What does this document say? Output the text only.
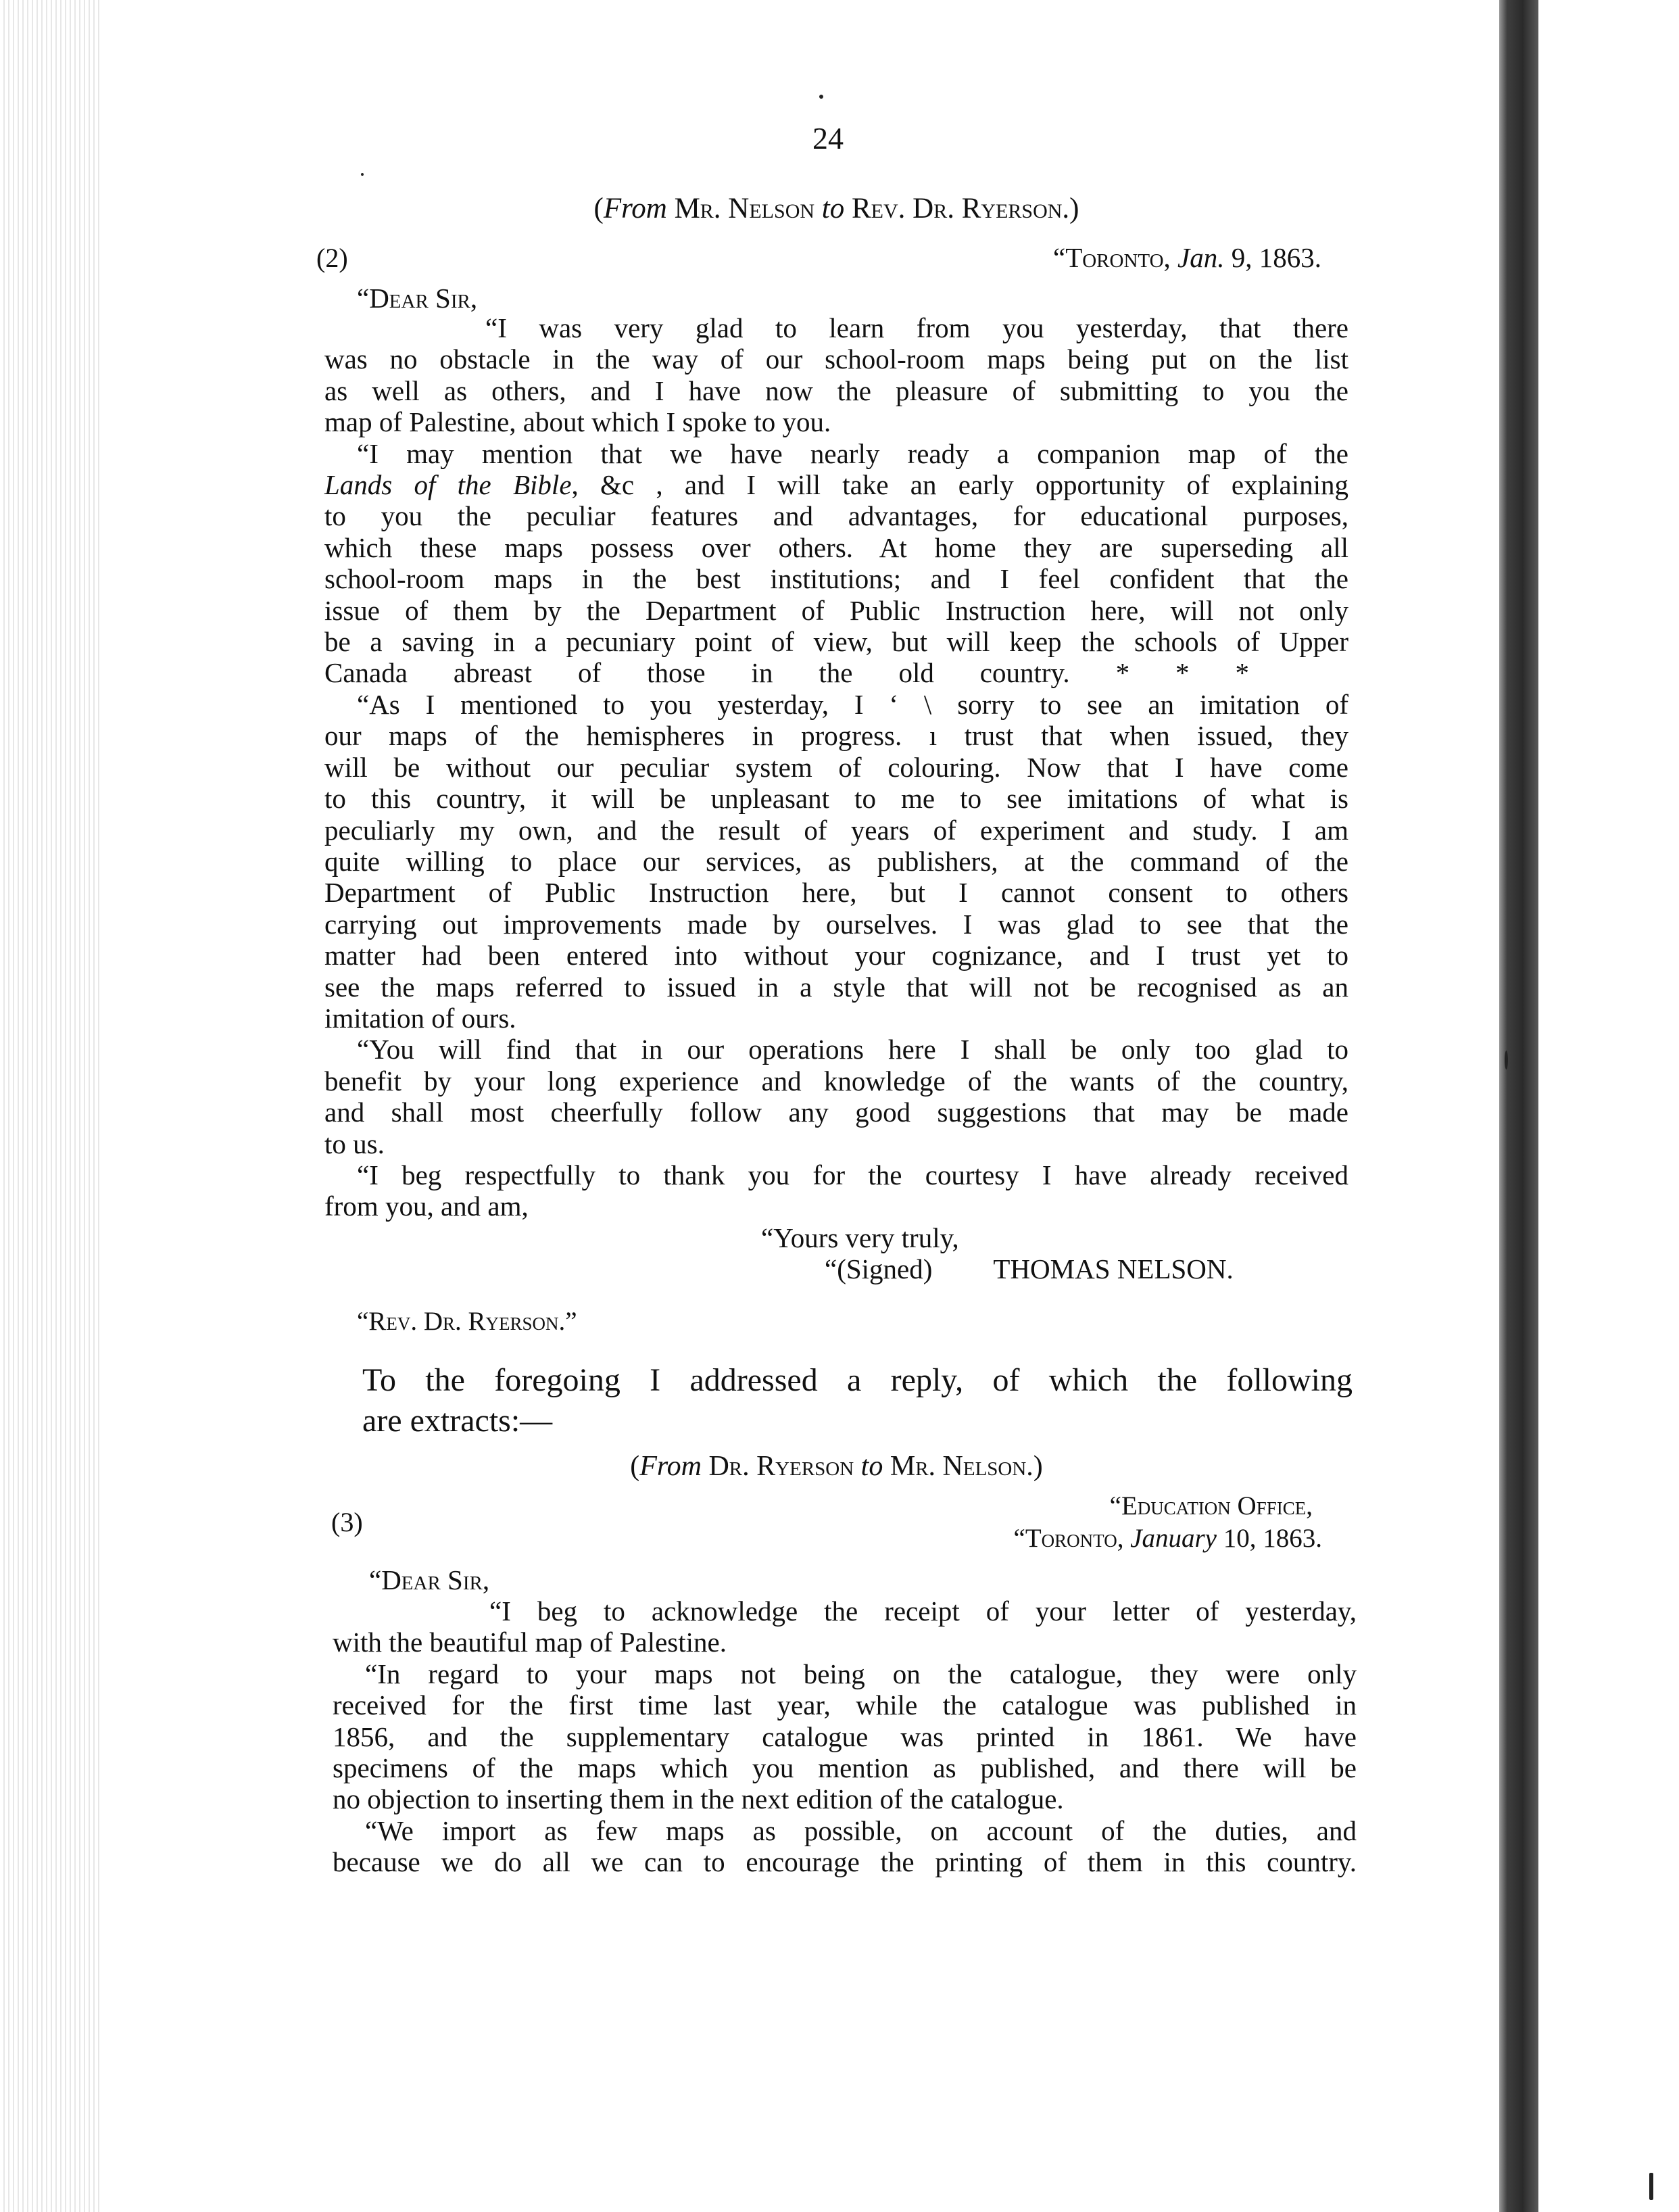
24
(From Mr. Nelson to Rev. Dr. Ryerson.)
(2)	“Toronto, Jan. 9, 1863.
“Dear Sir,
“I was very glad to learn from you yesterday, that there
was no obstacle in the way of our school-room maps being put on the list
as well as others, and I have now the pleasure of submitting to you the
map of Palestine, about which I spoke to you.
“I may mention that we have nearly ready a companion map of the
Lands of the Bible, &c , and I will take an early opportunity of explaining
to you the peculiar features and advantages, for educational purposes,
which these maps possess over others. At home they are superseding all
school-room maps in the best institutions; and I feel confident that the
issue of them by the Department of Public Instruction here, will not only
be a saving in a pecuniary point of view, but will keep the schools of Upper
Canada abreast of those in the old country. * * *
“As I mentioned to you yesterday, I ‘ \ sorry to see an imitation of
our maps of the hemispheres in progress. ı trust that when issued, they
will be without our peculiar system of colouring. Now that I have come
to this country, it will be unpleasant to me to see imitations of what is
peculiarly my own, and the result of years of experiment and study. I am
quite willing to place our services, as publishers, at the command of the
Department of Public Instruction here, but I cannot consent to others
carrying out improvements made by ourselves. I was glad to see that the
matter had been entered into without your cognizance, and I trust yet to
see the maps referred to issued in a style that will not be recognised as an
imitation of ours.
“You will find that in our operations here I shall be only too glad to
benefit by your long experience and knowledge of the wants of the country,
and shall most cheerfully follow any good suggestions that may be made
to us.
“I beg respectfully to thank you for the courtesy I have already received
from you, and am,
“Yours very truly,
“(Signed) THOMAS NELSON.
“Rev. Dr. Ryerson.”
To the foregoing I addressed a reply, of which the following
are extracts:—
(From Dr. Ryerson to Mr. Nelson.)
(3)
“Education Office,
“Toronto, January 10, 1863.
“Dear Sir,
“I beg to acknowledge the receipt of your letter of yesterday,
with the beautiful map of Palestine.
“In regard to your maps not being on the catalogue, they were only
received for the first time last year, while the catalogue was published in
1856, and the supplementary catalogue was printed in 1861. We have
specimens of the maps which you mention as published, and there will be
no objection to inserting them in the next edition of the catalogue.
“We import as few maps as possible, on account of the duties, and
because we do all we can to encourage the printing of them in this country.
